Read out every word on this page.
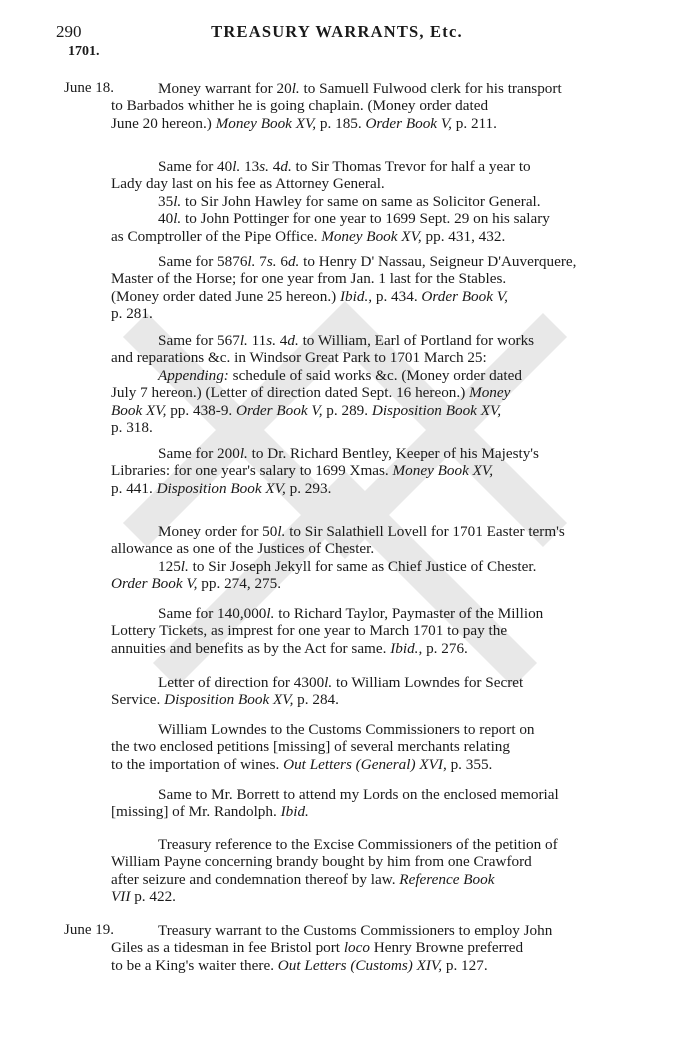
290	TREASURY WARRANTS, Etc.
1701.
June 18.	Money warrant for 20l. to Samuell Fulwood clerk for his transport
to Barbados whither he is going chaplain. (Money order dated
June 20 hereon.) Money Book XV, p. 185. Order Book V, p. 211.
Same for 40l. 13s. 4d. to Sir Thomas Trevor for half a year to
Lady day last on his fee as Attorney General.
35l. to Sir John Hawley for same on same as Solicitor General.
40l. to John Pottinger for one year to 1699 Sept. 29 on his salary
as Comptroller of the Pipe Office. Money Book XV, pp. 431, 432.
Same for 5876l. 7s. 6d. to Henry D' Nassau, Seigneur D'Auverquere,
Master of the Horse; for one year from Jan. 1 last for the Stables.
(Money order dated June 25 hereon.) Ibid., p. 434. Order Book V,
p. 281.
Same for 567l. 11s. 4d. to William, Earl of Portland for works
and reparations &c. in Windsor Great Park to 1701 March 25:
Appending: schedule of said works &c. (Money order dated
July 7 hereon.) (Letter of direction dated Sept. 16 hereon.) Money
Book XV, pp. 438-9. Order Book V, p. 289. Disposition Book XV,
p. 318.
Same for 200l. to Dr. Richard Bentley, Keeper of his Majesty's
Libraries: for one year's salary to 1699 Xmas. Money Book XV,
p. 441. Disposition Book XV, p. 293.
Money order for 50l. to Sir Salathiell Lovell for 1701 Easter term's
allowance as one of the Justices of Chester.
125l. to Sir Joseph Jekyll for same as Chief Justice of Chester.
Order Book V, pp. 274, 275.
Same for 140,000l. to Richard Taylor, Paymaster of the Million
Lottery Tickets, as imprest for one year to March 1701 to pay the
annuities and benefits as by the Act for same. Ibid., p. 276.
Letter of direction for 4300l. to William Lowndes for Secret
Service. Disposition Book XV, p. 284.
William Lowndes to the Customs Commissioners to report on
the two enclosed petitions [missing] of several merchants relating
to the importation of wines. Out Letters (General) XVI, p. 355.
Same to Mr. Borrett to attend my Lords on the enclosed memorial
[missing] of Mr. Randolph. Ibid.
Treasury reference to the Excise Commissioners of the petition of
William Payne concerning brandy bought by him from one Crawford
after seizure and condemnation thereof by law. Reference Book
VII p. 422.
June 19.	Treasury warrant to the Customs Commissioners to employ John
Giles as a tidesman in fee Bristol port loco Henry Browne preferred
to be a King's waiter there. Out Letters (Customs) XIV, p. 127.
